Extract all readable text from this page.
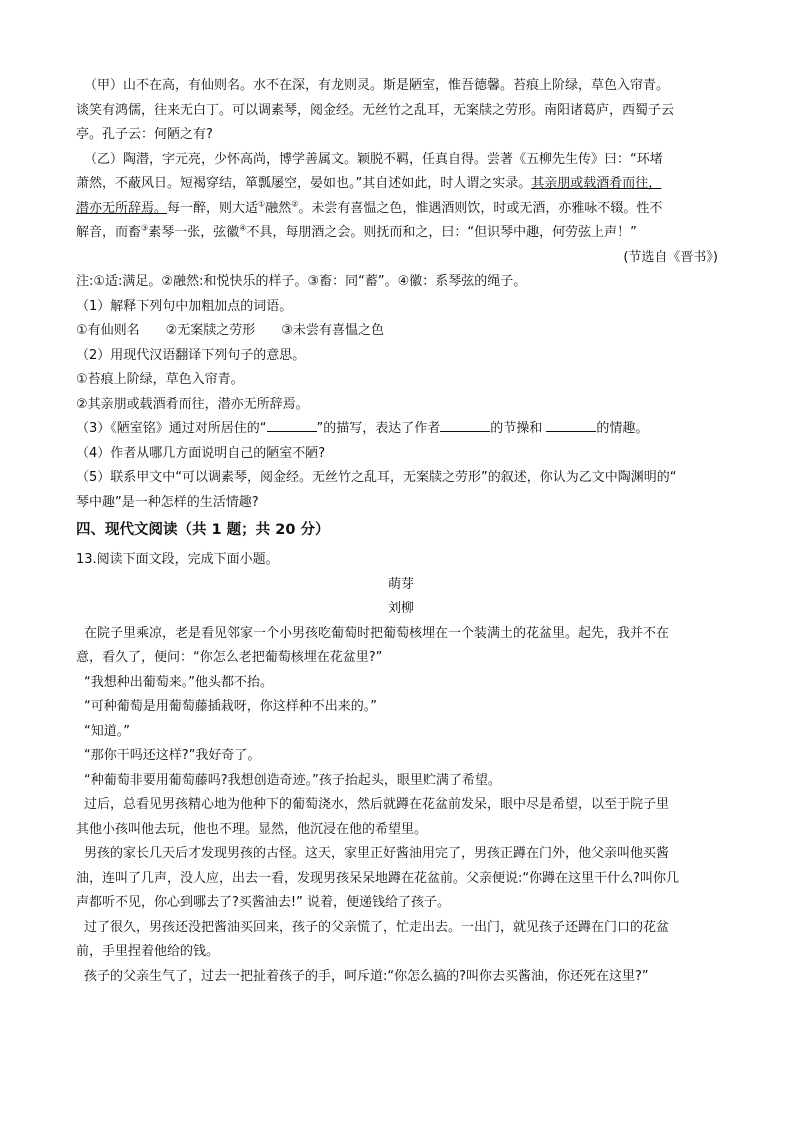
（甲）山不在高，有仙则名。水不在深，有龙则灵。斯是陋室，惟吾德馨。苔痕上阶绿，草色入帘青。

谈笑有鸿儒，往来无白丁。可以调素琴，阅金经。无丝竹之乱耳，无案牍之劳形。南阳诸葛庐，西蜀子云

亭。孔子云：何陋之有?

（乙）陶潜，字元亮，少怀高尚，博学善属文。颖脱不羁，任真自得。尝著《五柳先生传》曰：“环堵

萧然，不蔽风日。短褐穿结，箪瓢屡空，晏如也。”其自述如此，时人谓之实录。其亲朋或载酒肴而往，

潜亦无所辞焉。每一醉，则大适①融然②。未尝有喜愠之色，惟遇酒则饮，时或无酒，亦雅咏不辍。性不

解音，而畜③素琴一张，弦徽④不具，每朋酒之会。则抚而和之，曰：“但识琴中趣，何劳弦上声！”

(节选自《晋书》)

注:①适:满足。②融然:和悦快乐的样子。③畜：同“蓄”。④徽：系琴弦的绳子。

（1）解释下列句中加粗加点的词语。

①有仙则名　　②无案牍之劳形　　③未尝有喜愠之色

（2）用现代汉语翻译下列句子的意思。

①苔痕上阶绿，草色入帘青。

②其亲朋或载酒肴而往，潜亦无所辞焉。

（3）《陋室铭》通过对所居住的“	”的描写，表达了作者	的节操和	的情趣。

（4）作者从哪几方面说明自己的陋室不陋?

（5）联系甲文中“可以调素琴，阅金经。无丝竹之乱耳，无案牍之劳形”的叙述，你认为乙文中陶渊明的“

琴中趣”是一种怎样的生活情趣?

四、现代文阅读（共 1 题；共 20 分）

13.阅读下面文段，完成下面小题。

萌芽

刘柳

在院子里乘凉，老是看见邻家一个小男孩吃葡萄时把葡萄核埋在一个装满土的花盆里。起先，我并不在

意，看久了，便问：“你怎么老把葡萄核埋在花盆里?”

“我想种出葡萄来。”他头都不抬。

“可种葡萄是用葡萄藤插栽呀，你这样种不出来的。”

“知道。”

“那你干吗还这样?”我好奇了。

“种葡萄非要用葡萄藤吗?我想创造奇迹。”孩子抬起头，眼里贮满了希望。

过后，总看见男孩精心地为他种下的葡萄浇水，然后就蹲在花盆前发呆，眼中尽是希望，以至于院子里

其他小孩叫他去玩，他也不理。显然，他沉浸在他的希望里。

男孩的家长几天后才发现男孩的古怪。这天，家里正好酱油用完了，男孩正蹲在门外，他父亲叫他买酱

油，连叫了几声，没人应，出去一看，发现男孩呆呆地蹲在花盆前。父亲便说:“你蹲在这里干什么?叫你几

声都听不见，你心到哪去了?买酱油去!” 说着，便递钱给了孩子。

过了很久，男孩还没把酱油买回来，孩子的父亲慌了，忙走出去。一出门，就见孩子还蹲在门口的花盆

前，手里捏着他给的钱。

孩子的父亲生气了，过去一把扯着孩子的手，呵斥道:“你怎么搞的?叫你去买酱油，你还死在这里?”
